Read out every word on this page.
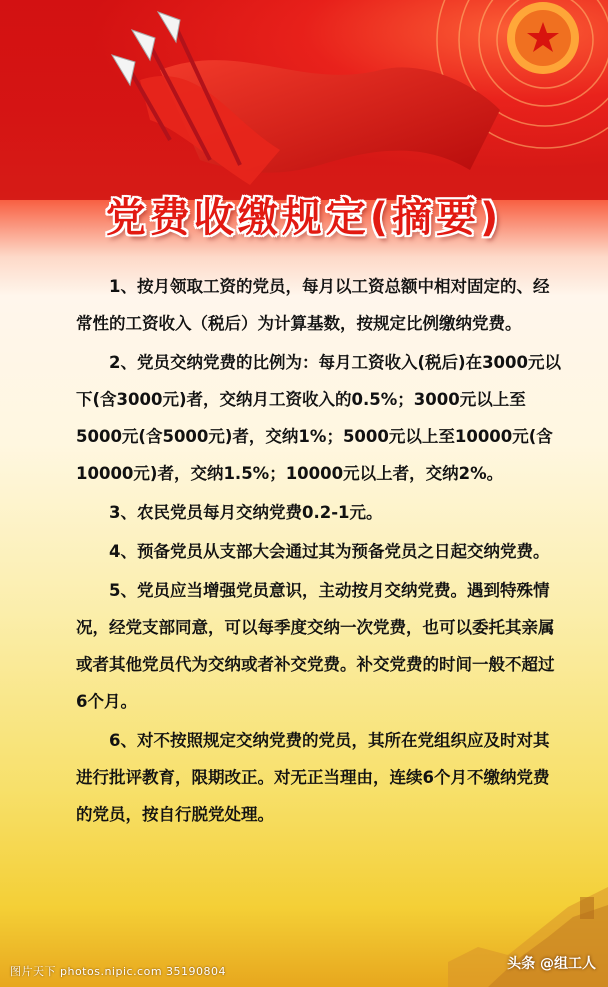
党费收缴规定(摘要)

1、按月领取工资的党员，每月以工资总额中相对固定的、经常性的工资收入（税后）为计算基数，按规定比例缴纳党费。

2、党员交纳党费的比例为：每月工资收入(税后)在3000元以下(含3000元)者，交纳月工资收入的0.5%；3000元以上至5000元(含5000元)者，交纳1%；5000元以上至10000元(含10000元)者，交纳1.5%；10000元以上者，交纳2%。

3、农民党员每月交纳党费0.2-1元。

4、预备党员从支部大会通过其为预备党员之日起交纳党费。

5、党员应当增强党员意识，主动按月交纳党费。遇到特殊情况，经党支部同意，可以每季度交纳一次党费，也可以委托其亲属或者其他党员代为交纳或者补交党费。补交党费的时间一般不超过6个月。

6、对不按照规定交纳党费的党员，其所在党组织应及时对其进行批评教育，限期改正。对无正当理由，连续6个月不缴纳党费的党员，按自行脱党处理。

图片天下 photos.nipic.com 35190804	头条 @组工人
